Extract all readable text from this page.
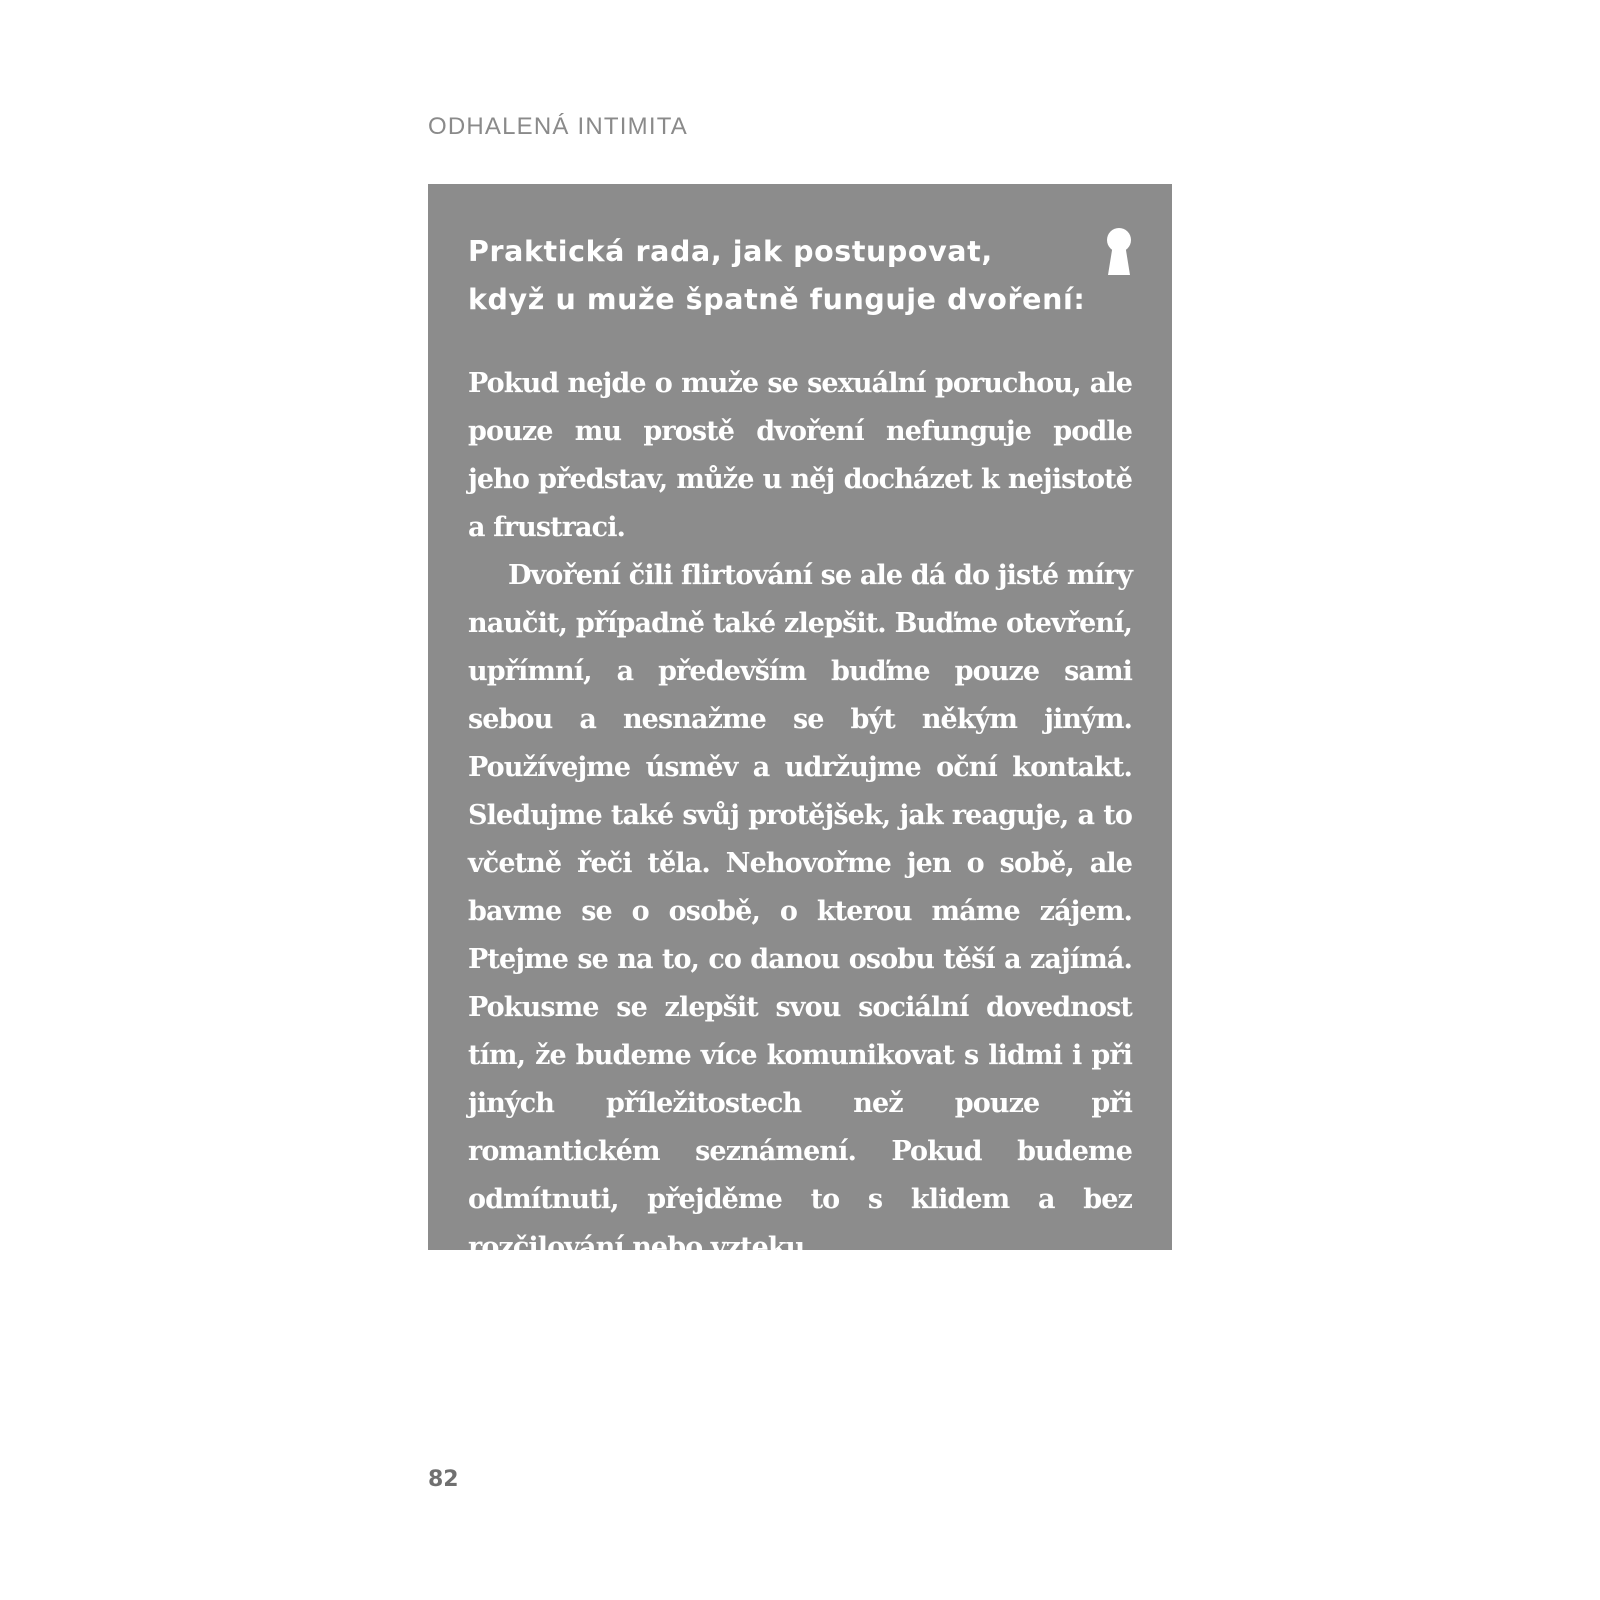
ODHALENÁ INTIMITA
Praktická rada, jak postupovat,
když u muže špatně funguje dvoření:

Pokud nejde o muže se sexuální poruchou, ale pouze mu prostě dvoření nefunguje podle jeho představ, může u něj docházet k nejistotě a frustraci.

Dvoření čili flirtování se ale dá do jisté míry naučit, případně také zlepšit. Buďme otevření, upřímní, a především buďme pouze sami sebou a nesnažme se být někým jiným. Používejme úsměv a udržujme oční kontakt. Sledujme také svůj protějšek, jak reaguje, a to včetně řeči těla. Nehovořme jen o sobě, ale bavme se o osobě, o kterou máme zájem. Ptejme se na to, co danou osobu těší a zajímá. Pokusme se zlepšit svou sociální dovednost tím, že budeme více komunikovat s lidmi i při jiných příležitostech než pouze při romantickém seznámení. Pokud budeme odmítnuti, přejděme to s klidem a bez rozčilování nebo vzteku.

82
